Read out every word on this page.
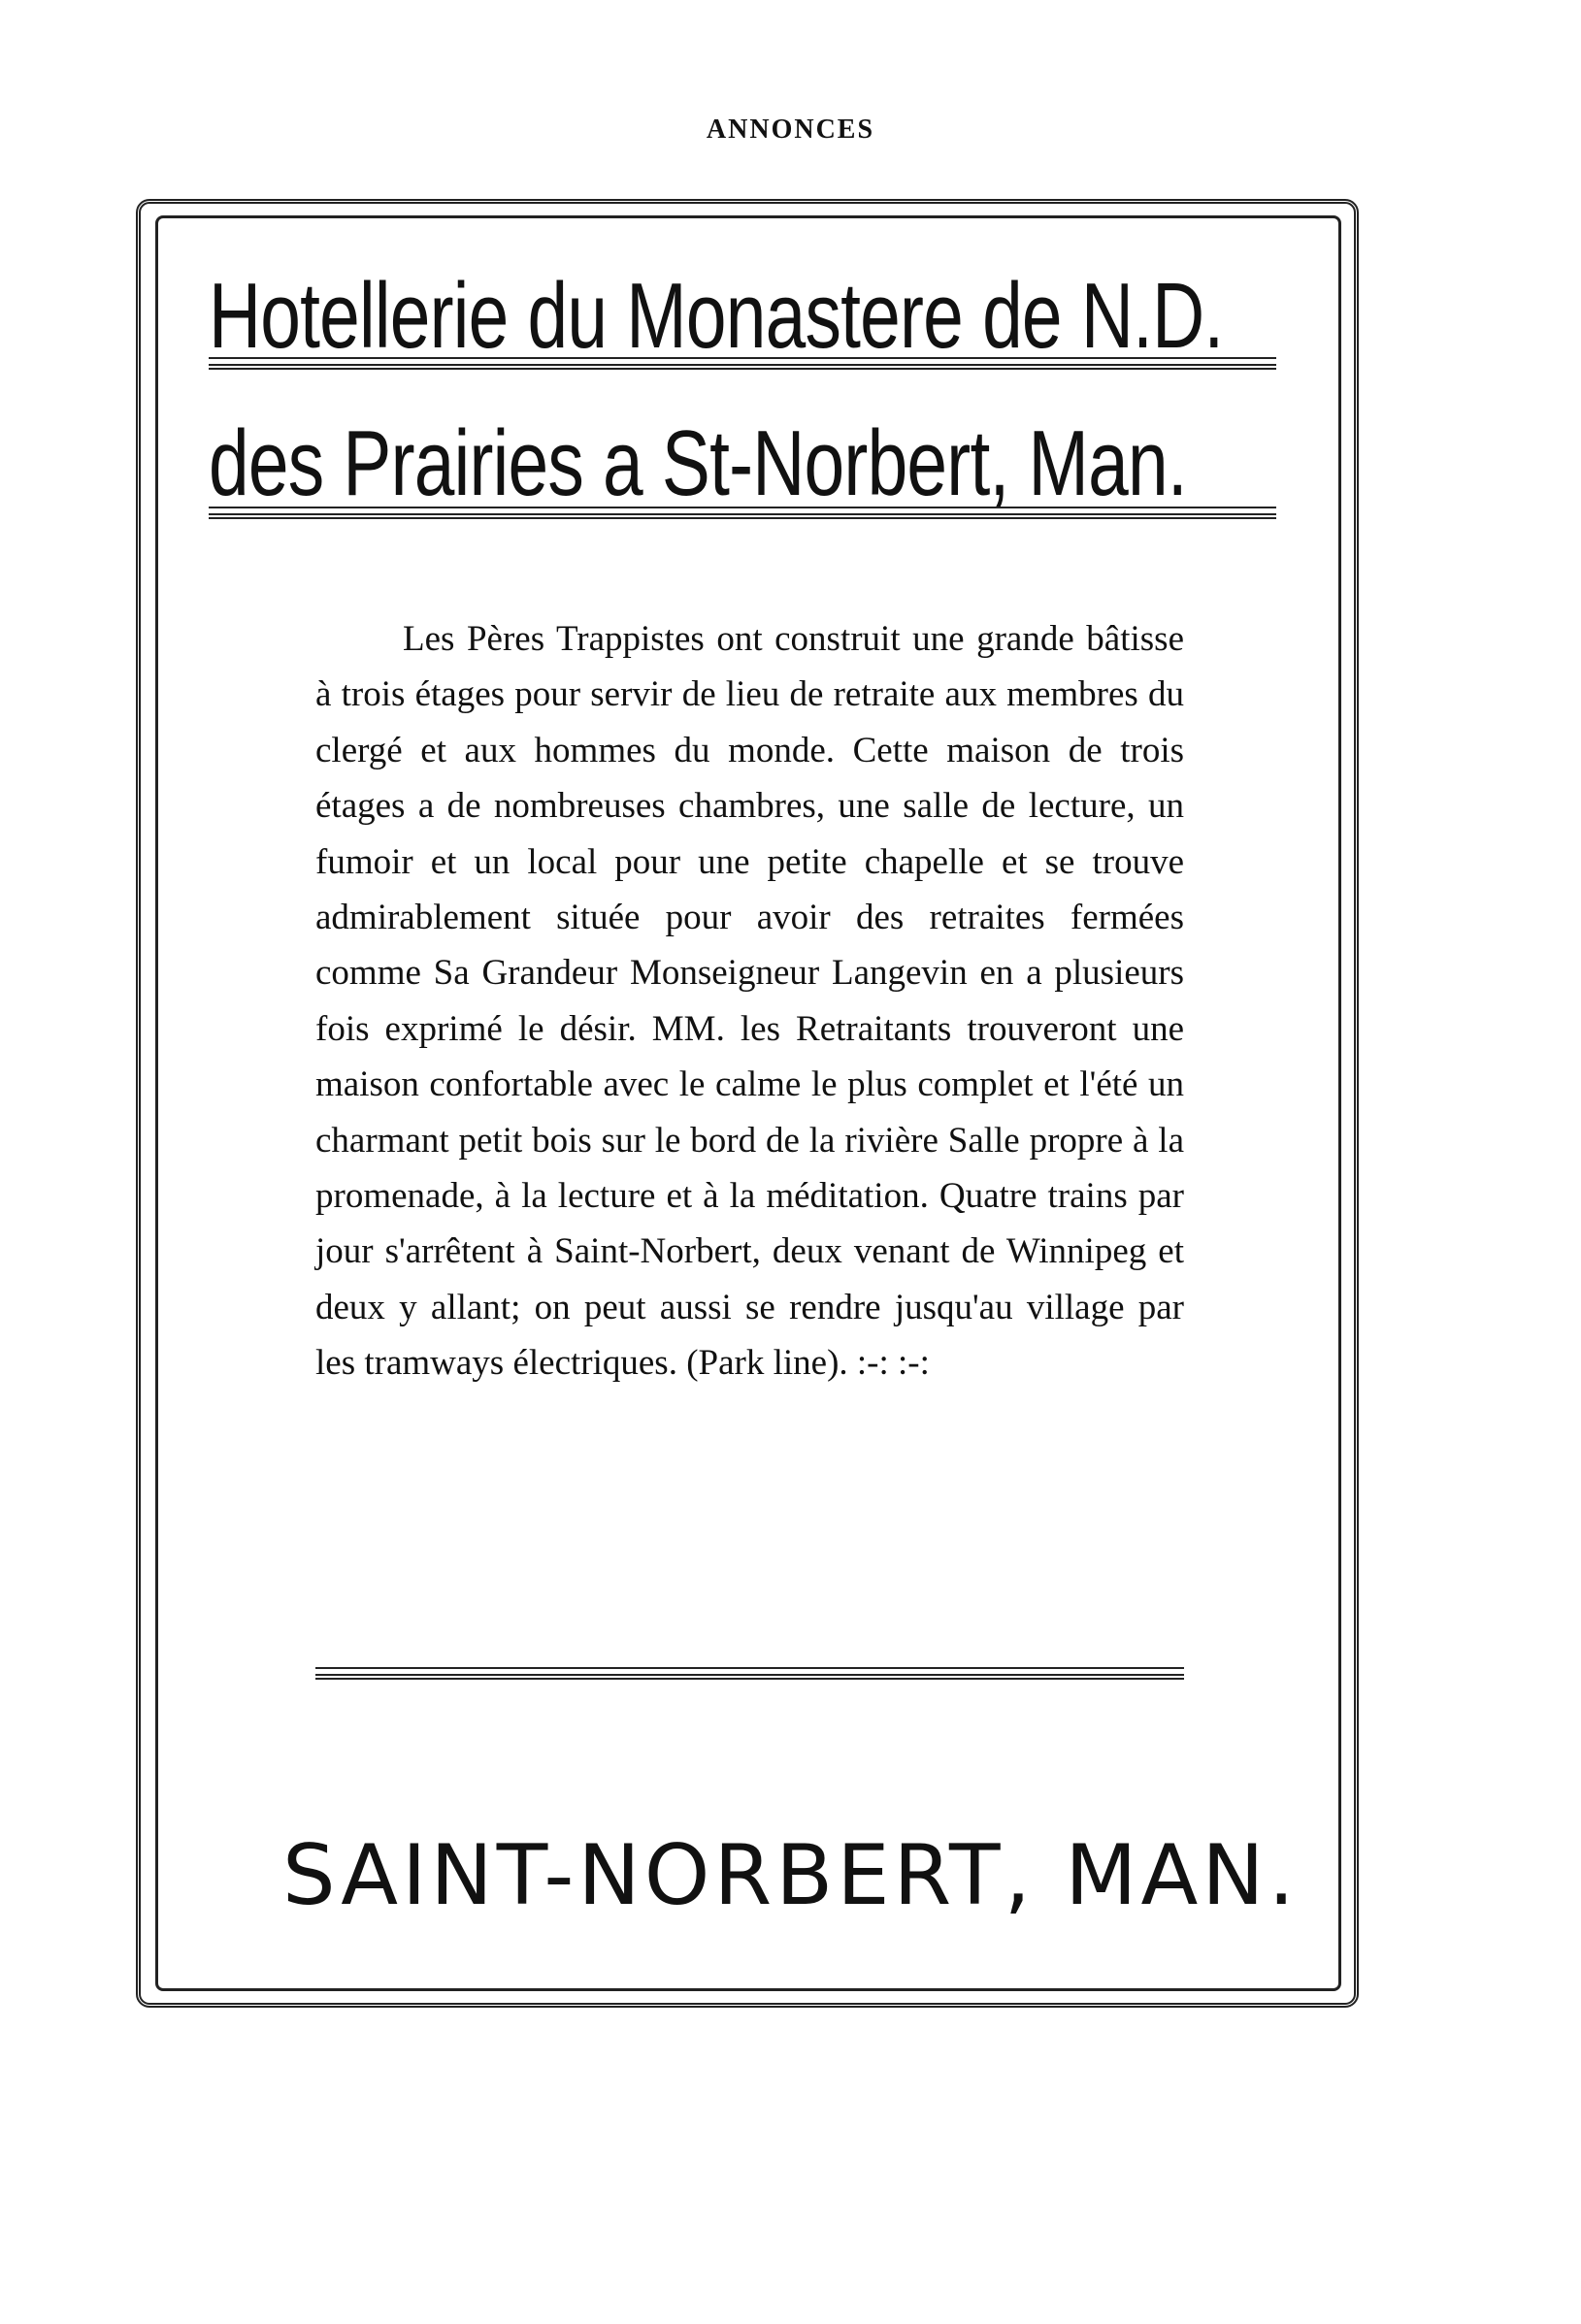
ANNONCES
Hotellerie du Monastere de N.D.
des Prairies a St-Norbert, Man.

Les Pères Trappistes ont construit une grande bâtisse à trois étages pour servir de lieu de retraite aux membres du clergé et aux hommes du monde. Cette maison de trois étages a de nombreuses chambres, une salle de lecture, un fumoir et un local pour une petite chapelle et se trouve admirablement située pour avoir des retraites fermées comme Sa Grandeur Monseigneur Langevin en a plusieurs fois exprimé le désir. MM. les Retraitants trouveront une maison confortable avec le calme le plus complet et l'été un charmant petit bois sur le bord de la rivière Salle propre à la promenade, à la lecture et à la méditation. Quatre trains par jour s'arrêtent à Saint-Norbert, deux venant de Winnipeg et deux y allant; on peut aussi se rendre jusqu'au village par les tramways électriques. (Park line). :-: :-:

SAINT-NORBERT, MAN.
